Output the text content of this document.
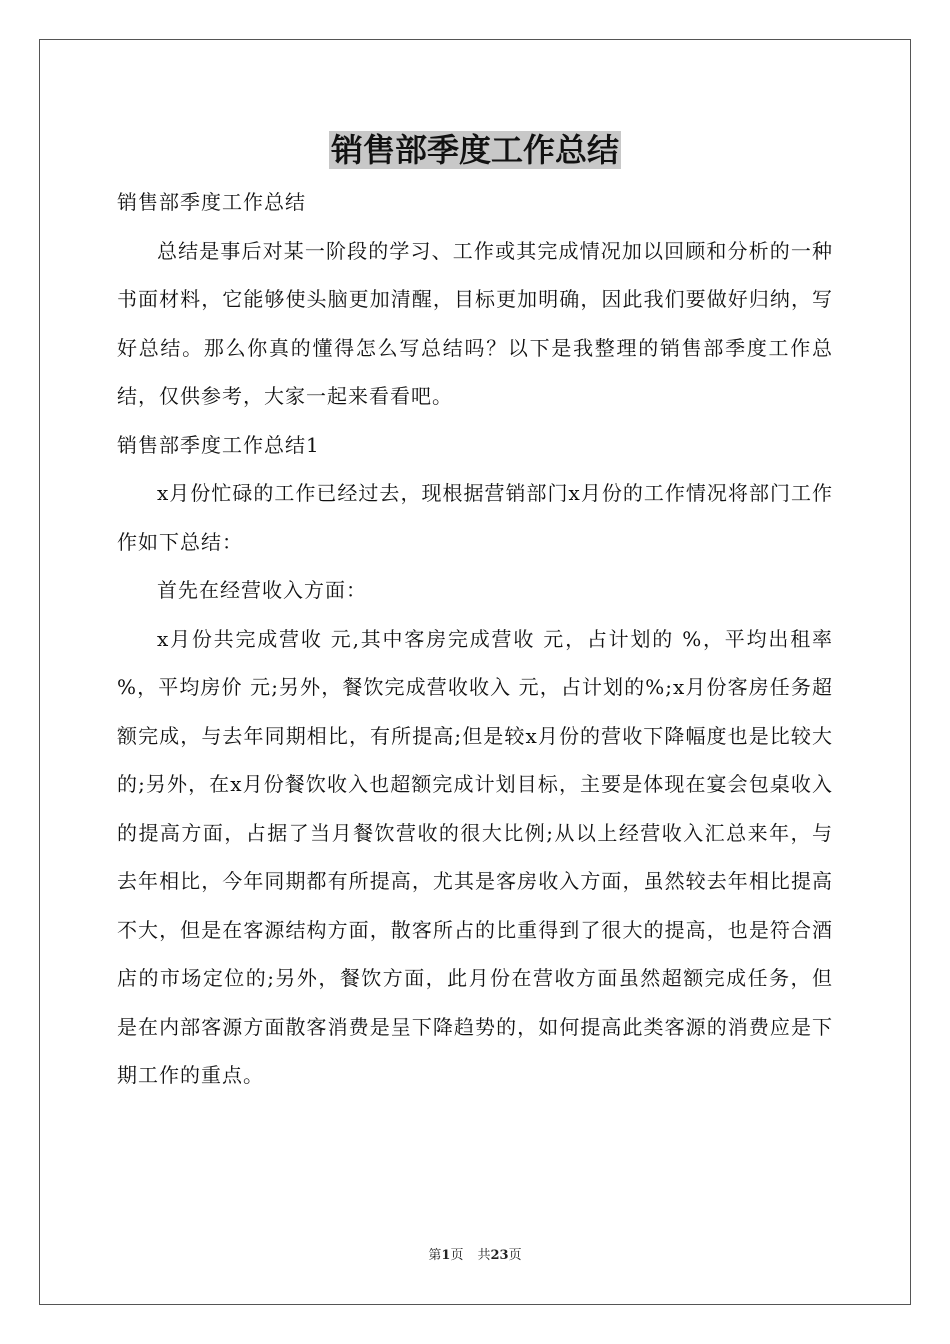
销售部季度工作总结

销售部季度工作总结

总结是事后对某一阶段的学习、工作或其完成情况加以回顾和分析的一种书面材料，它能够使头脑更加清醒，目标更加明确，因此我们要做好归纳，写好总结。那么你真的懂得怎么写总结吗？以下是我整理的销售部季度工作总结，仅供参考，大家一起来看看吧。

销售部季度工作总结1

x月份忙碌的工作已经过去，现根据营销部门x月份的工作情况将部门工作作如下总结：

首先在经营收入方面：

x月份共完成营收 元,其中客房完成营收 元，占计划的 %，平均出租率 %，平均房价 元;另外，餐饮完成营收收入 元，占计划的%;x月份客房任务超额完成，与去年同期相比，有所提高;但是较x月份的营收下降幅度也是比较大的;另外，在x月份餐饮收入也超额完成计划目标，主要是体现在宴会包桌收入的提高方面，占据了当月餐饮营收的很大比例;从以上经营收入汇总来年，与去年相比，今年同期都有所提高，尤其是客房收入方面，虽然较去年相比提高不大，但是在客源结构方面，散客所占的比重得到了很大的提高，也是符合酒店的市场定位的;另外，餐饮方面，此月份在营收方面虽然超额完成任务，但是在内部客源方面散客消费是呈下降趋势的，如何提高此类客源的消费应是下期工作的重点。

第1页 共23页
